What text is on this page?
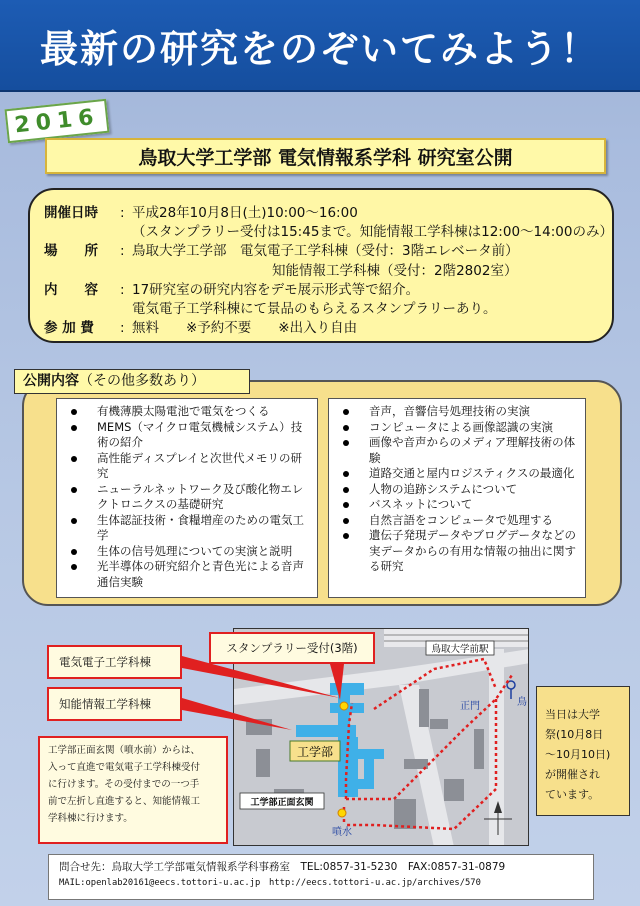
最新の研究をのぞいてみよう！
2016
鳥取大学工学部 電気情報系学科 研究室公開
開催日時	: 平成28年10月8日(土)10:00〜16:00
（スタンプラリー受付は15:45まで。知能情報工学科棟は12:00〜14:00のみ）
場　　所	: 鳥取大学工学部　電気電子工学科棟（受付：3階エレベータ前）
知能情報工学科棟（受付：2階2802室）
内　　容	: 17研究室の研究内容をデモ展示形式等で紹介。
電気電子工学科棟にて景品のもらえるスタンプラリーあり。
参 加 費	: 無料　　※予約不要　　※出入り自由
公開内容（その他多数あり）
有機薄膜太陽電池で電気をつくる
MEMS（マイクロ電気機械システム）技術の紹介
高性能ディスプレイと次世代メモリの研究
ニューラルネットワーク及び酸化物エレクトロニクスの基礎研究
生体認証技術・食糧増産のための電気工学
生体の信号処理についての実演と説明
光半導体の研究紹介と青色光による音声通信実験
音声，音響信号処理技術の実演
コンピュータによる画像認識の実演
画像や音声からのメディア理解技術の体験
道路交通と屋内ロジスティクスの最適化
人物の追跡システムについて
バスネットについて
自然言語をコンピュータで処理する
遺伝子発現データやブログデータなどの実データからの有用な情報の抽出に関する研究
工学部
鳥取大学前駅
正門	鳥
工学部正面玄関
噴水
電気電子工学科棟
知能情報工学科棟
スタンプラリー受付(3階)
工学部正面玄関（噴水前）からは、
入って直進で電気電子工学科棟受付
に行けます。その受付までの一つ手
前で左折し直進すると、知能情報工
学科棟に行けます。
当日は大学
祭(10月8日
〜10月10日)
が開催され
ています。
問合せ先：鳥取大学工学部電気情報系学科事務室　TEL:0857-31-5230　FAX:0857-31-0879
MAIL:openlab20161@eecs.tottori-u.ac.jp　http://eecs.tottori-u.ac.jp/archives/570
